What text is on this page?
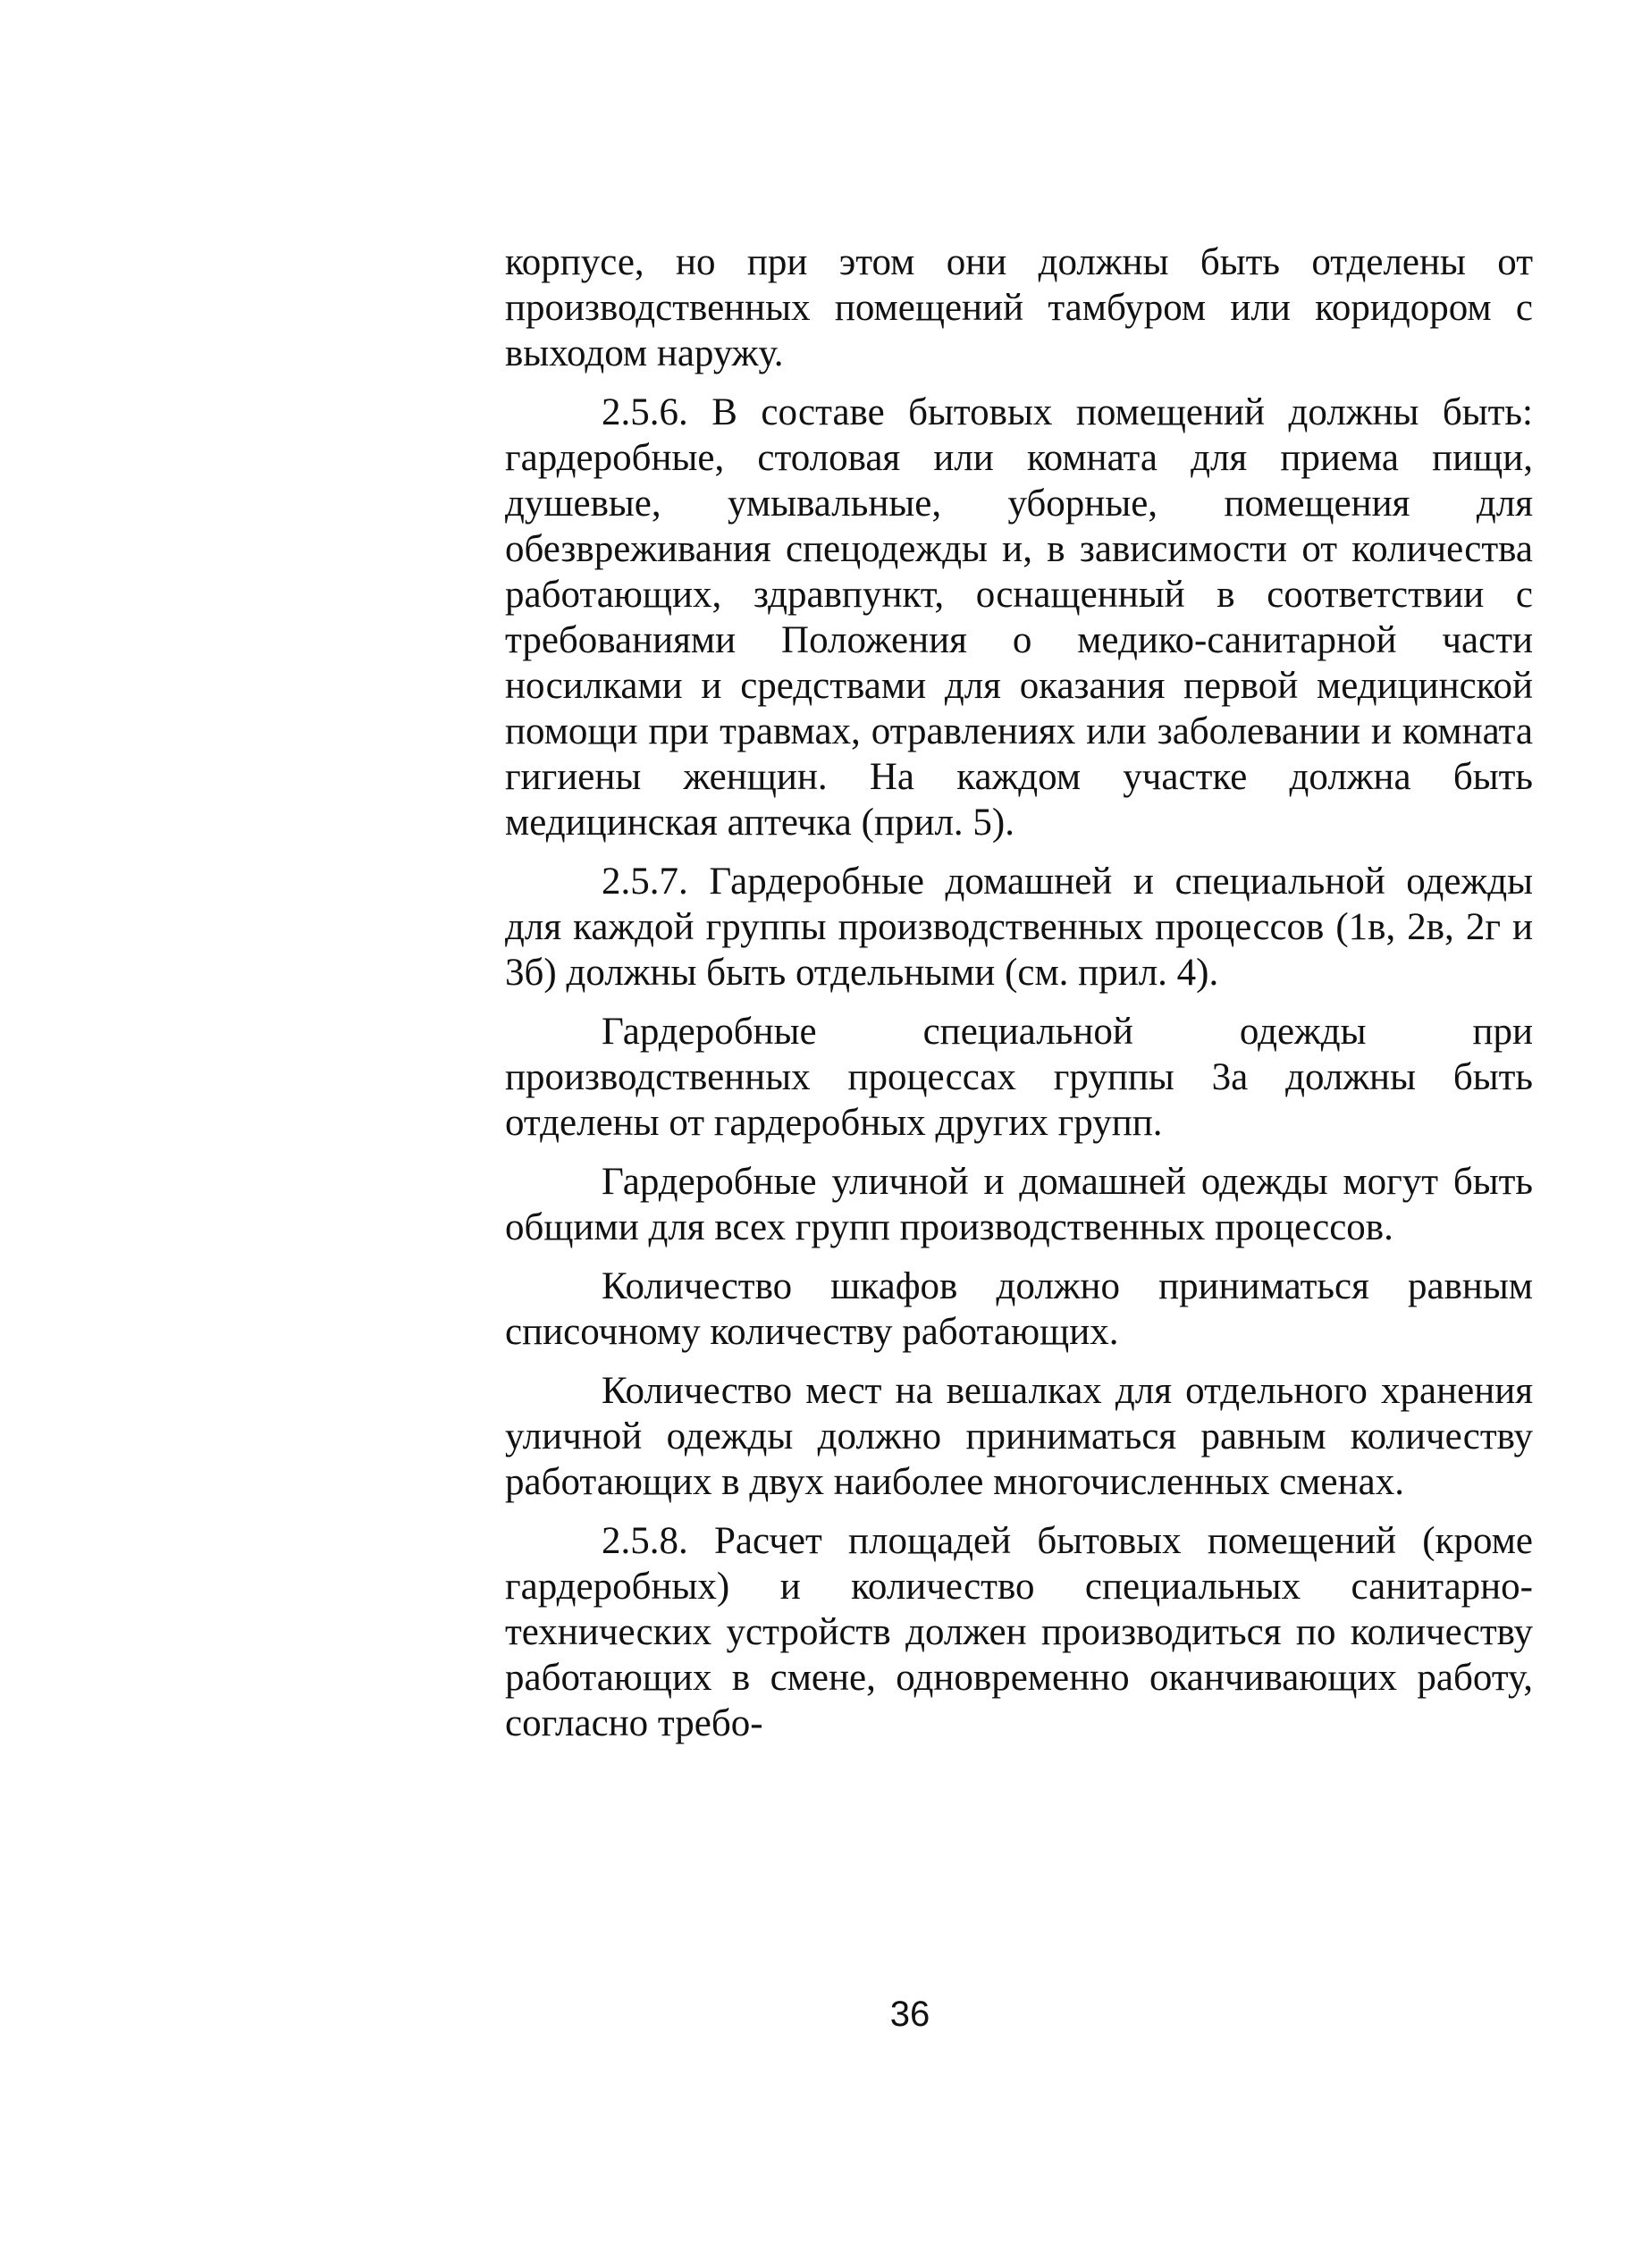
корпусе, но при этом они должны быть отделены от производственных помещений тамбуром или коридором с выходом наружу.

2.5.6. В составе бытовых помещений должны быть: гардеробные, столовая или комната для приема пищи, душевые, умывальные, уборные, помещения для обезвреживания спецодежды и, в зависимости от количества работающих, здравпункт, оснащенный в соответствии с требованиями Положения о медико-санитарной части носилками и средствами для оказания первой медицинской помощи при травмах, отравлениях или заболевании и комната гигиены женщин. На каждом участке должна быть медицинская аптечка (прил. 5).

2.5.7. Гардеробные домашней и специальной одежды для каждой группы производственных процессов (1в, 2в, 2г и 3б) должны быть отдельными (см. прил. 4).

Гардеробные специальной одежды при производственных процессах группы 3а должны быть отделены от гардеробных других групп.

Гардеробные уличной и домашней одежды могут быть общими для всех групп производственных процессов.

Количество шкафов должно приниматься равным списочному количеству работающих.

Количество мест на вешалках для отдельного хранения уличной одежды должно приниматься равным количеству работающих в двух наиболее многочисленных сменах.

2.5.8. Расчет площадей бытовых помещений (кроме гардеробных) и количество специальных санитарно-технических устройств должен производиться по количеству работающих в смене, одновременно оканчивающих работу, согласно требо-

36
